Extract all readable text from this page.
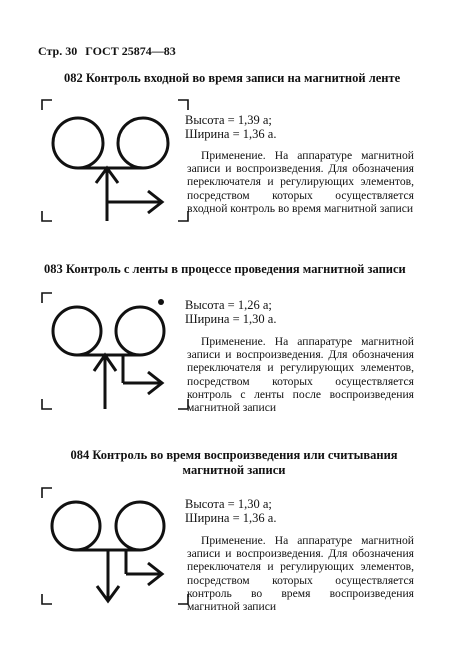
Стр. 30 ГОСТ 25874—83
082 Контроль входной во время записи на магнитной ленте
Высота = 1,39 a;
Ширина = 1,36 a.
Применение. На аппаратуре магнитной записи и воспроизведения. Для обозначения переключателя и регулирующих элементов, посредством которых осуществляется входной контроль во время магнитной записи
083 Контроль с ленты в процессе проведения магнитной записи
Высота = 1,26 a;
Ширина = 1,30 a.
Применение. На аппаратуре магнитной записи и воспроизведения. Для обозначения переключателя и регулирующих элементов, посредством которых осуществляется контроль с ленты после воспроизведения магнитной записи
084 Контроль во время воспроизведения или считывания
магнитной записи
Высота = 1,30 a;
Ширина = 1,36 a.
Применение. На аппаратуре магнитной записи и воспроизведения. Для обозначения переключателя и регулирующих элементов, посредством которых осуществляется контроль во время воспроизведения магнитной записи
